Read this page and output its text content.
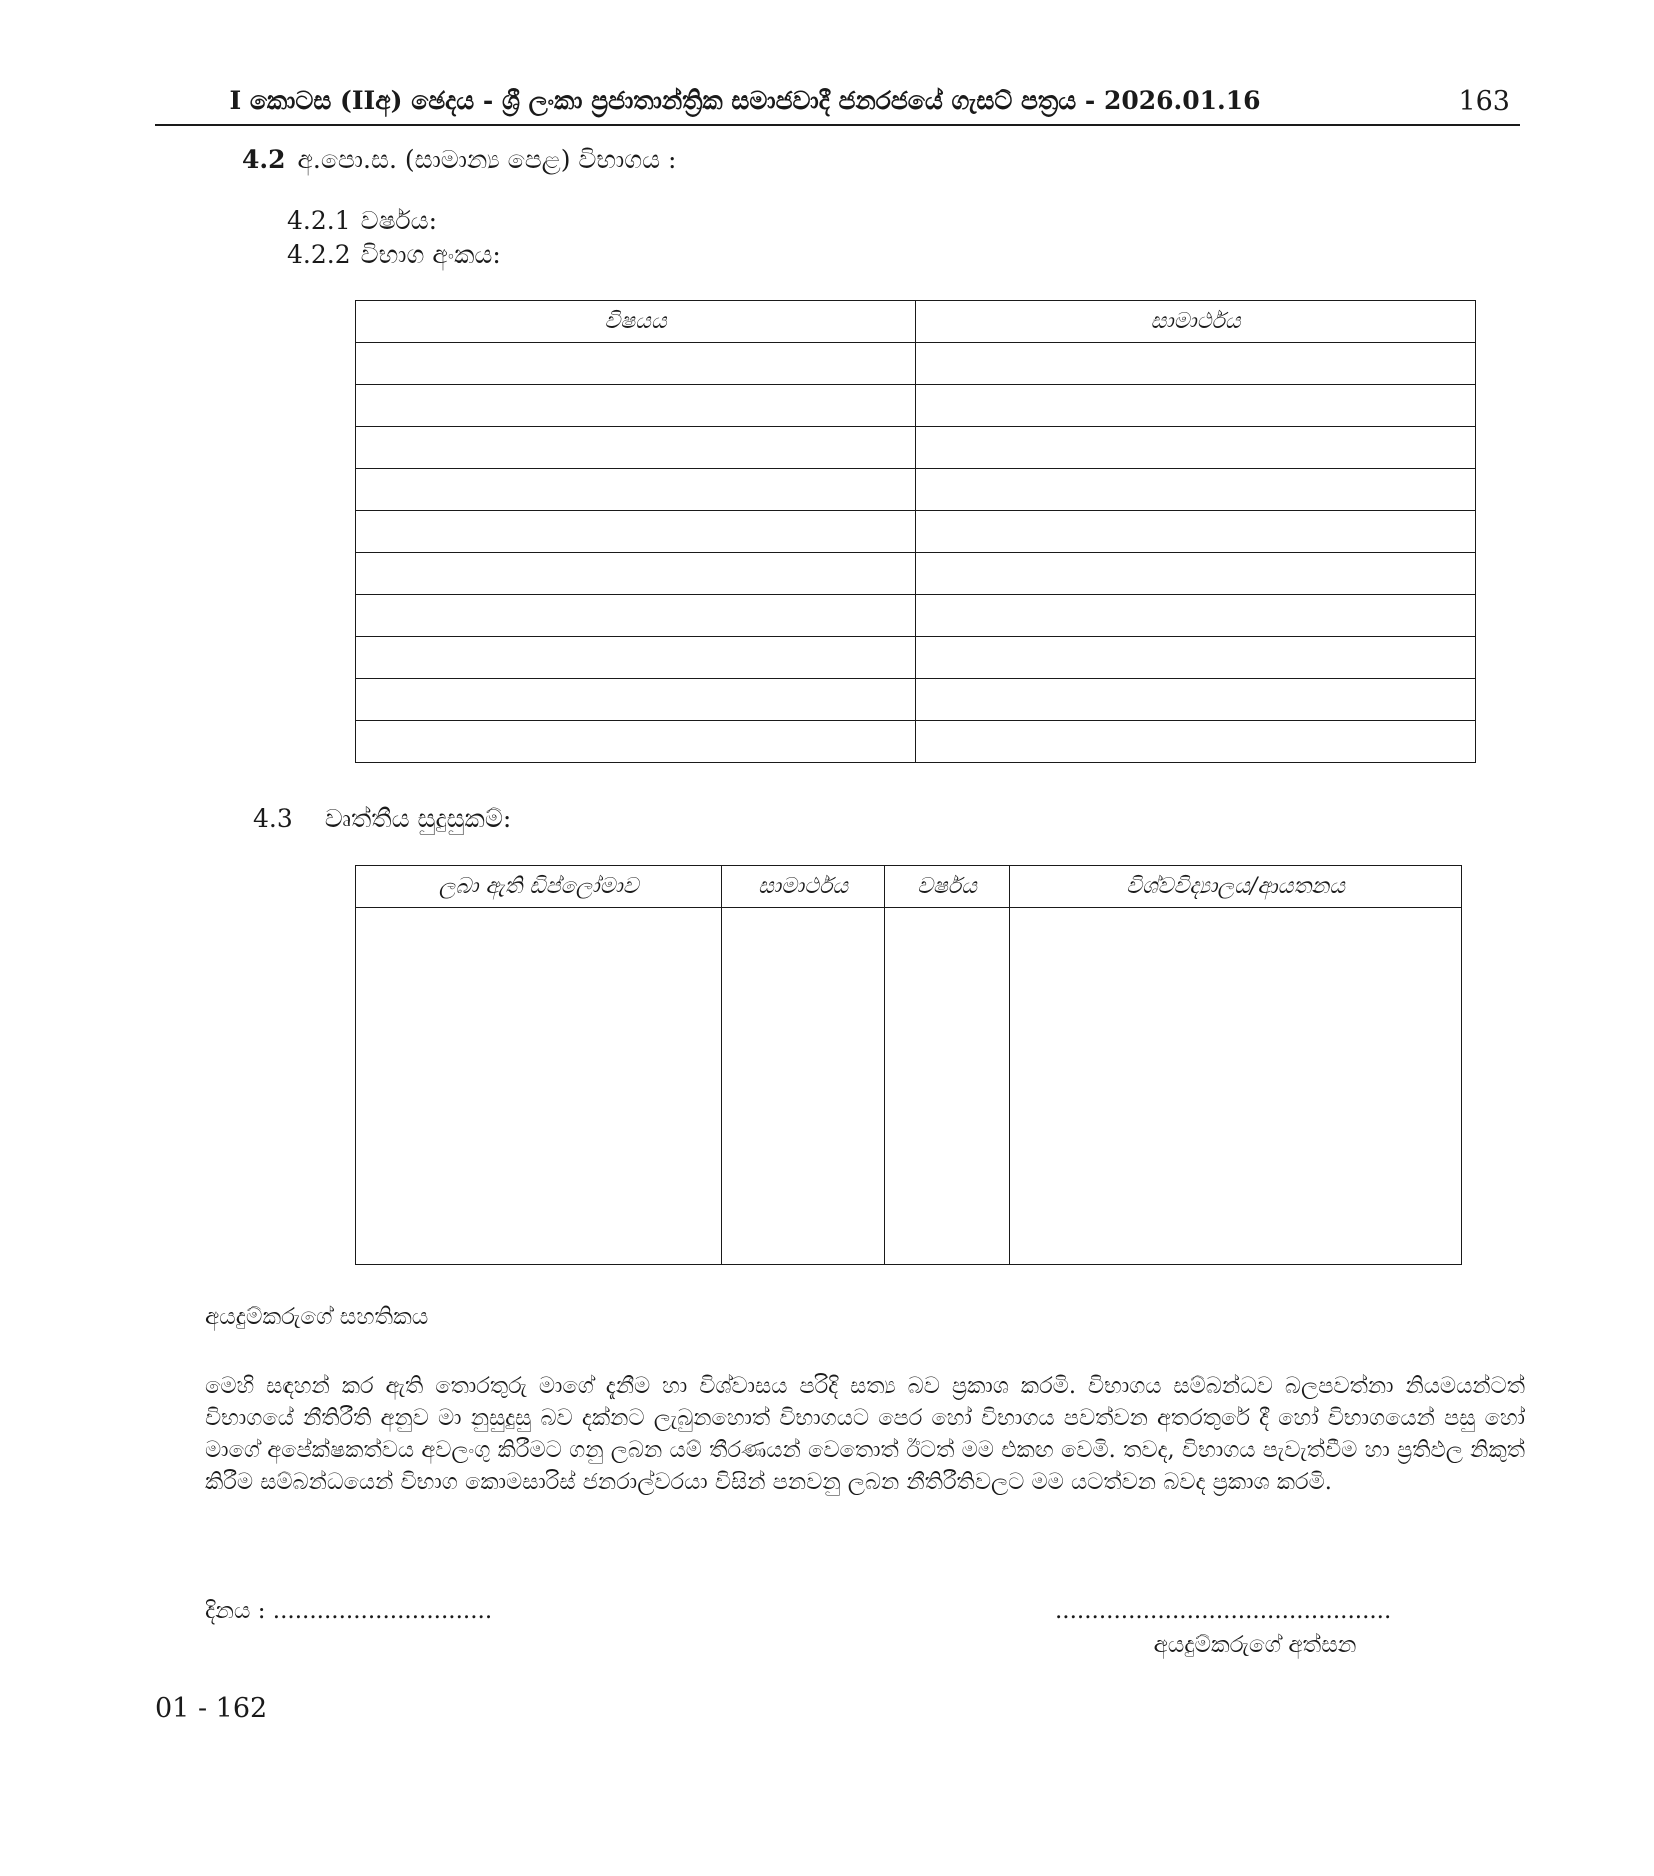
I කොටස (IIඅ) ඡෙදය - ශ්‍රී ලංකා ප්‍රජාතාන්ත්‍රික සමාජවාදී ජනරජයේ ගැසට් පත්‍රය - 2026.01.16	163
4.2 අ.පො.ස. (සාමාන්‍ය පෙළ) විභාගය :
4.2.1 වර්ෂය:
4.2.2 විභාග අංකය:
විෂයය	සාමාර්ථය

4.3 වෘත්තීය සුදුසුකම්:
ලබා ඇති ඩිප්ලෝමාව	සාමාර්ථය	වර්ෂය	විශ්වවිද්‍යාලය/ආයතනය

අයදුම්කරුගේ සහතිකය
මෙහි සඳහන් කර ඇති තොරතුරු මාගේ දැනීම හා විශ්වාසය පරිදි සත්‍ය බව ප්‍රකාශ කරමි. විභාගය සම්බන්ධව බලපවත්නා නියමයන්ටත් විභාගයේ නීතිරීති අනුව මා නුසුදුසු බව දක්නට ලැබුනහොත් විභාගයට පෙර හෝ විභාගය පවත්වන අතරතුරේ දී හෝ විභාගයෙන් පසු හෝ මාගේ අපේක්ෂකත්වය අවලංගු කිරීමට ගනු ලබන යම් තීරණයන් වෙතොත් ඊටත් මම එකඟ වෙමි. තවද, විභාගය පැවැත්වීම හා ප්‍රතිඵල නිකුත් කිරීම සම්බන්ධයෙන් විභාග කොමසාරිස් ජනරාල්වරයා විසින් පනවනු ලබන නීතිරීතිවලට මම යටත්වන බවද ප්‍රකාශ කරමි.
දිනය : ..............................	..............................................
අයදුම්කරුගේ අත්සන
01 - 162
